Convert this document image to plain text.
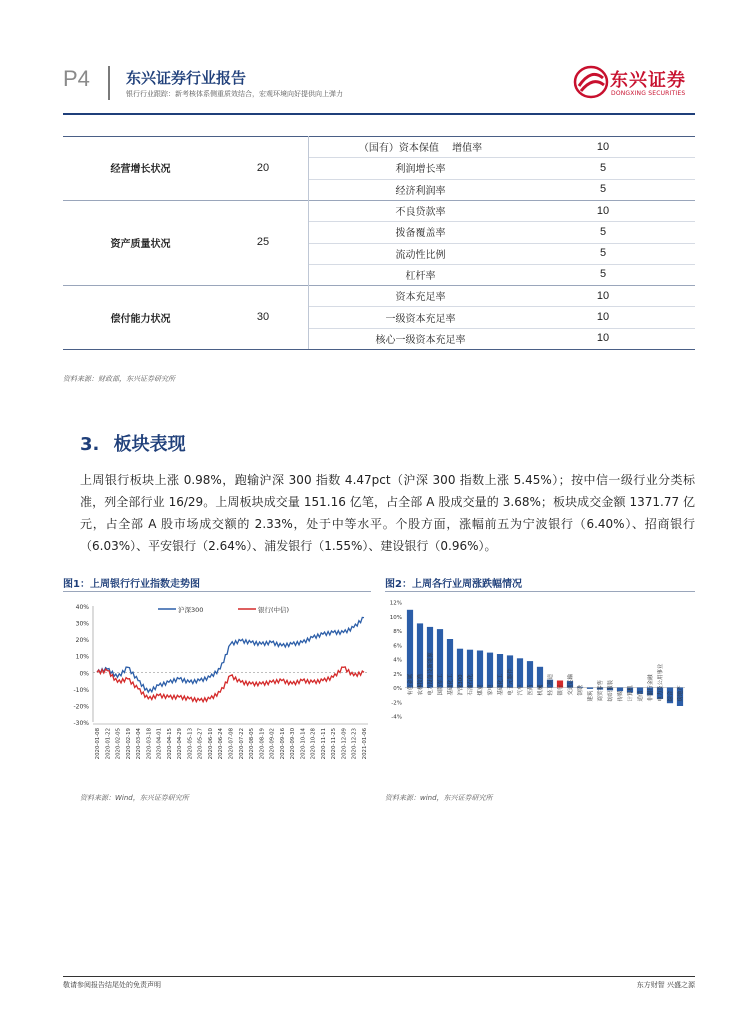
P4 东兴证券行业报告
银行行业跟踪：新考核体系侧重质效结合，宏观环境向好提供向上弹力
东兴证券
DONGXING SECURITIES
（国有）资本保值　 增值率	10
利润增长率	5
经济利润率	5
经营增长状况	20
不良贷款率	10
拨备覆盖率	5
流动性比例	5
杠杆率	5
资产质量状况	25
资本充足率	10
一级资本充足率	10
核心一级资本充足率	10
偿付能力状况	30
资料来源：财政部，东兴证券研究所
3. 板块表现
上周银行板块上涨 0.98%，跑输沪深 300 指数 4.47pct（沪深 300 指数上涨 5.45%）；按中信一级行业分类标准，列全部行业 16/29。上周板块成交量 151.16 亿笔，占全部 A 股成交量的 3.68%；板块成交金额 1371.77 亿元，占全部 A 股市场成交额的 2.33%，处于中等水平。个股方面，涨幅前五为宁波银行（6.40%）、招商银行（6.03%）、平安银行（2.64%）、浦发银行（1.55%）、建设银行（0.96%）。
图1：上周银行行业指数走势图
40%
30%
20%
10%
0%
-10%
-20%
-30%
2020-01-08 2020-01-22 2020-02-05 2020-02-19 2020-03-04 2020-03-18 2020-04-01 2020-04-15 2020-04-29 2020-05-13 2020-05-27 2020-06-10 2020-06-24 2020-07-08 2020-07-22 2020-08-05 2020-08-19 2020-09-02 2020-09-16 2020-09-30 2020-10-14 2020-10-28 2020-11-11 2020-11-25 2020-12-09 2020-12-23 2021-01-06
沪深300	银行(中信)
资料来源：Wind，东兴证券研究所
图2：上周各行业周涨跌幅情况
12%
10%
8%
6%
4%
2%
0%
-2%
-4%
有色金属 农林牧渔 电力设备及新能源 国防军工 基础化工 沪深300 石油石化 煤炭 家电 基础化工 电子元器件 汽车 医药 机械 轻工制造 银行 交通运输 钢铁
建筑 商贸零售 纺织服装 传媒 计算机 通信 非银行金融 电力及公用事业 综合 房地产
资料来源：wind，东兴证券研究所
敬请参阅报告结尾处的免责声明	东方财智 兴盛之源
